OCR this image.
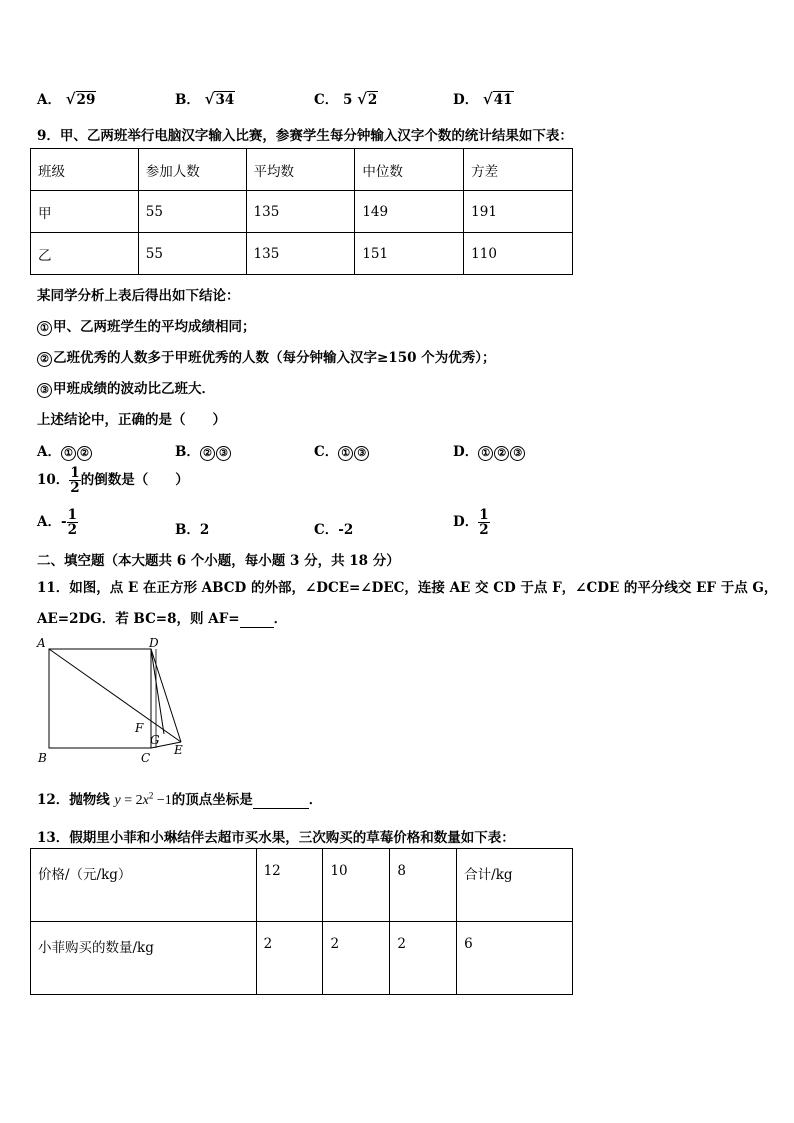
A． √29	B． √34	C． 5 √2	D． √41
9．甲、乙两班举行电脑汉字输入比赛，参赛学生每分钟输入汉字个数的统计结果如下表：
班级	参加人数	平均数	中位数	方差
甲	55	135	149	191
乙	55	135	151	110
某同学分析上表后得出如下结论：
① 甲、乙两班学生的平均成绩相同；
② 乙班优秀的人数多于甲班优秀的人数（每分钟输入汉字≥150 个为优秀）；
③ 甲班成绩的波动比乙班大．
上述结论中，正确的是（　　）
A． ① ②	B． ② ③	C． ① ③	D． ① ② ③
10． $\frac{1}{2}$ 的倒数是（　　）
A．- $\frac{1}{2}$	B．2	C．-2	D． $\frac{1}{2}$
二、填空题（本大题共 6 个小题，每小题 3 分，共 18 分）
11．如图，点 E 在正方形 ABCD 的外部，∠DCE=∠DEC，连接 AE 交 CD 于点 F，∠CDE 的平分线交 EF 于点 G，
AE=2DG．若 BC=8，则 AF=	．
A	D
B	C
F
G
E
12．抛物线 $y = 2x^2 -1$的顶点坐标是	．
13．假期里小菲和小琳结伴去超市买水果，三次购买的草莓价格和数量如下表：
价格/（元/kg）	12	10	8	合计/kg
小菲购买的数量/kg	2	2	2	6
